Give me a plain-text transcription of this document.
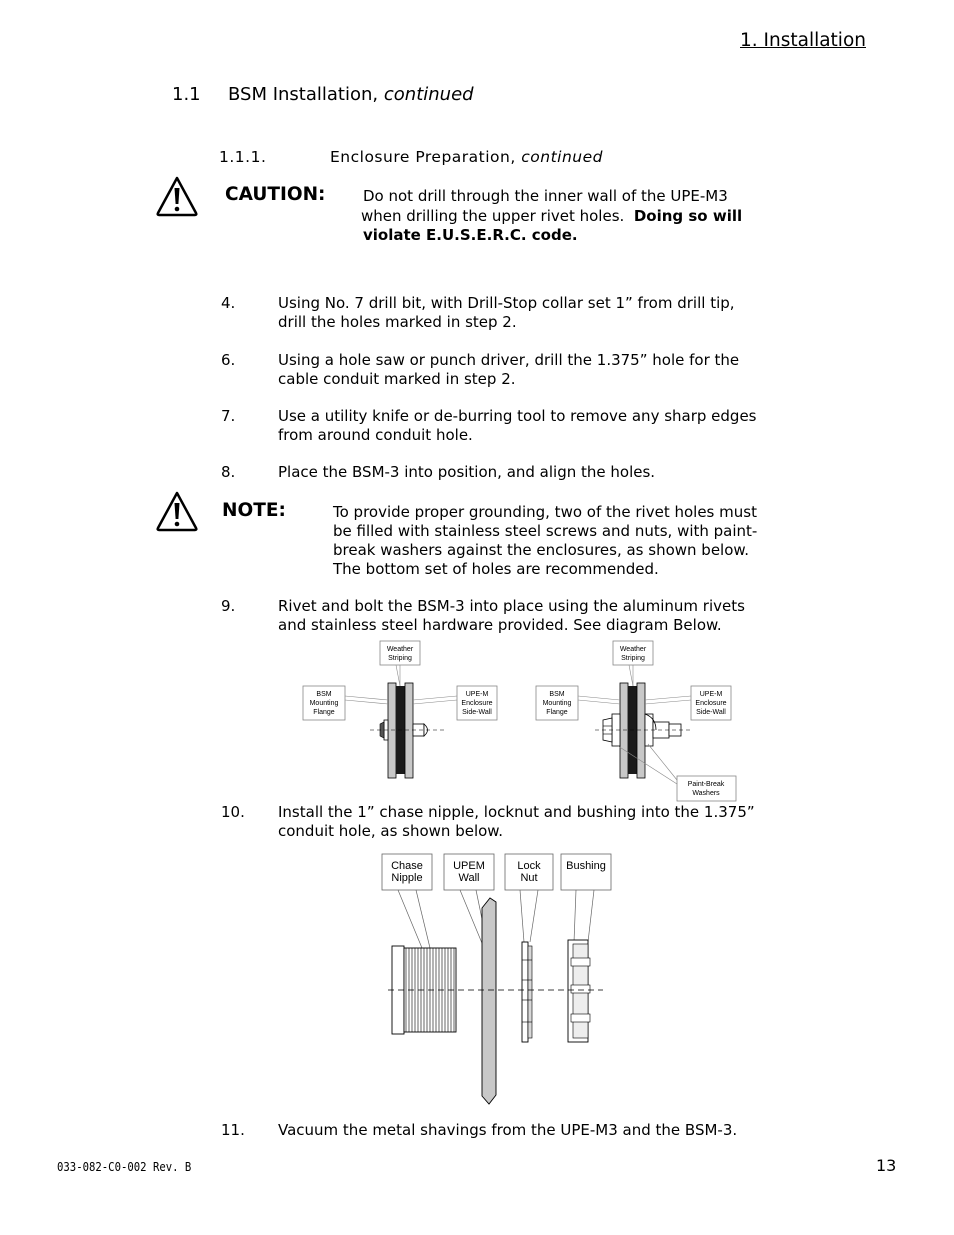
1. Installation
1.1 BSM Installation, continued
1.1.1.	Enclosure Preparation, continued
CAUTION:	Do not drill through the inner wall of the UPE-M3
when drilling the upper rivet holes. Doing so will
violate E.U.S.E.R.C. code.
4.	Using No. 7 drill bit, with Drill-Stop collar set 1” from drill tip,
drill the holes marked in step 2.
6.	Using a hole saw or punch driver, drill the 1.375” hole for the
cable conduit marked in step 2.
7.	Use a utility knife or de-burring tool to remove any sharp edges
from around conduit hole.
8.	Place the BSM-3 into position, and align the holes.
NOTE:	To provide proper grounding, two of the rivet holes must
be filled with stainless steel screws and nuts, with paint-
break washers against the enclosures, as shown below.
The bottom set of holes are recommended.
9.	Rivet and bolt the BSM-3 into place using the aluminum rivets
and stainless steel hardware provided. See diagram Below.
Weather
Striping
BSM
Mounting
Flange
UPE-M
Enclosure
Side-Wall
Weather
Striping
BSM
Mounting
Flange
UPE-M
Enclosure
Side-Wall
Paint-Break
Washers
10. Install the 1” chase nipple, locknut and bushing into the 1.375”
conduit hole, as shown below.
Chase
Nipple
UPEM
Wall
Lock
Nut
Bushing
11. Vacuum the metal shavings from the UPE-M3 and the BSM-3.
033-082-C0-002 Rev. B	13
